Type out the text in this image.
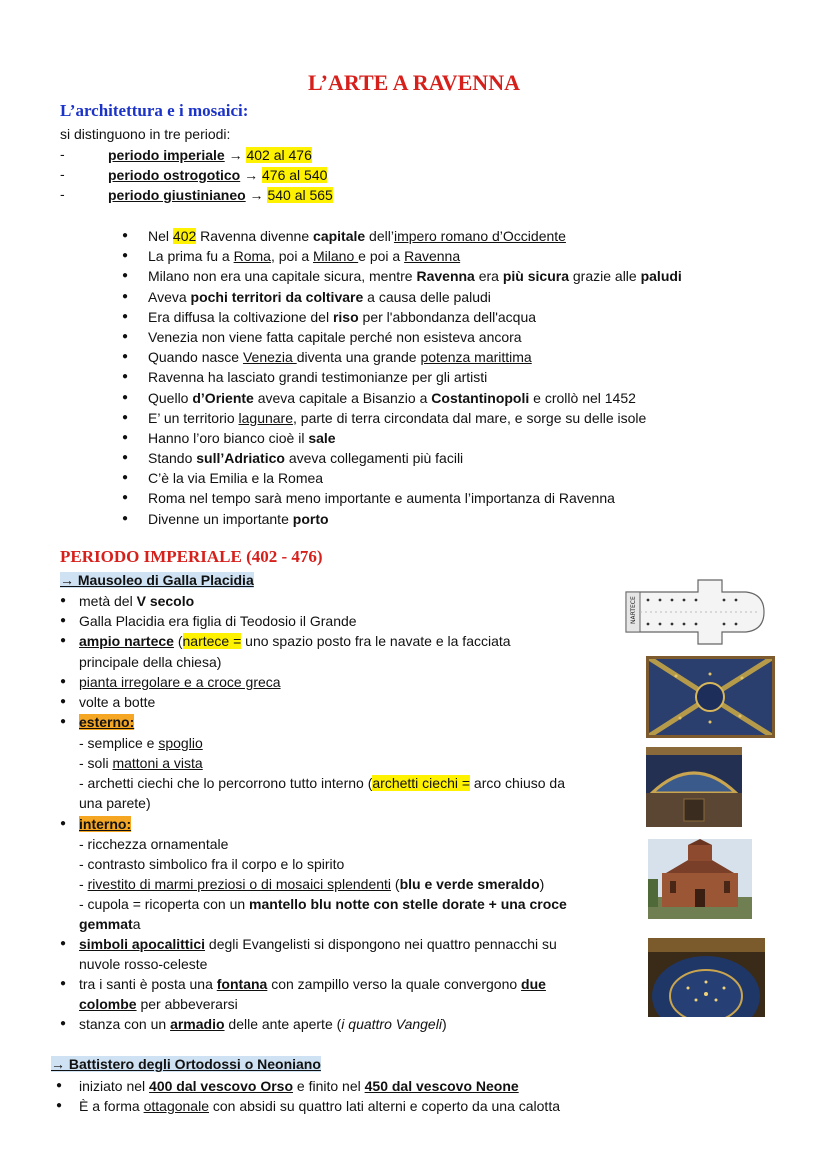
L’ARTE A RAVENNA
L’architettura e i mosaici:
si distinguono in tre periodi:
-	periodo imperiale → 402 al 476
-	periodo ostrogotico → 476 al 540
-	periodo giustinianeo → 540 al 565
● Nel 402 Ravenna divenne capitale dell’impero romano d’Occidente
● La prima fu a Roma, poi a Milano e poi a Ravenna
● Milano non era una capitale sicura, mentre Ravenna era più sicura grazie alle paludi
● Aveva pochi territori da coltivare a causa delle paludi
● Era diffusa la coltivazione del riso per l'abbondanza dell'acqua
● Venezia non viene fatta capitale perché non esisteva ancora
● Quando nasce Venezia diventa una grande potenza marittima
● Ravenna ha lasciato grandi testimonianze per gli artisti
● Quello d’Oriente aveva capitale a Bisanzio a Costantinopoli e crollò nel 1452
● E’ un territorio lagunare, parte di terra circondata dal mare, e sorge su delle isole
● Hanno l’oro bianco cioè il sale
● Stando sull’Adriatico aveva collegamenti più facili
● C’è la via Emilia e la Romea
● Roma nel tempo sarà meno importante e aumenta l’importanza di Ravenna
● Divenne un importante porto
PERIODO IMPERIALE (402 - 476)
→ Mausoleo di Galla Placidia
● metà del V secolo
● Galla Placidia era figlia di Teodosio il Grande
● ampio nartece (nartece = uno spazio posto fra le navate e la facciata
principale della chiesa)
● pianta irregolare e a croce greca
● volte a botte
● esterno:
- semplice e spoglio
- soli mattoni a vista
- archetti ciechi che lo percorrono tutto interno (archetti ciechi = arco chiuso da
una parete)
● interno:
- ricchezza ornamentale
- contrasto simbolico fra il corpo e lo spirito
- rivestito di marmi preziosi o di mosaici splendenti (blu e verde smeraldo)
- cupola = ricoperta con un mantello blu notte con stelle dorate + una croce
gemmata
● simboli apocalittici degli Evangelisti si dispongono nei quattro pennacchi su
nuvole rosso-celeste
● tra i santi è posta una fontana con zampillo verso la quale convergono due
colombe per abbeverarsi
● stanza con un armadio delle ante aperte (i quattro Vangeli)
→ Battistero degli Ortodossi o Neoniano
● iniziato nel 400 dal vescovo Orso e finito nel 450 dal vescovo Neone
● È a forma ottagonale con absidi su quattro lati alterni e coperto da una calotta
NARTECE
